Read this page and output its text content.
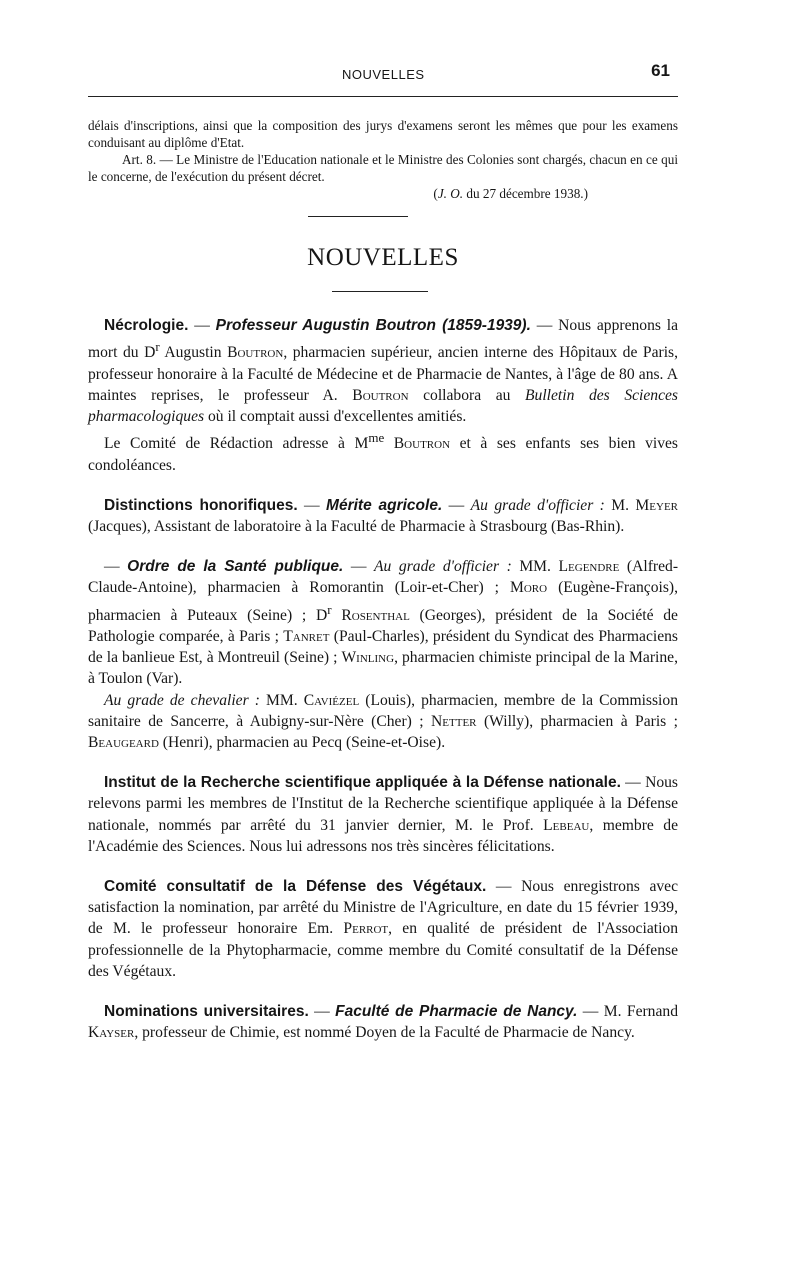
NOUVELLES	61

délais d'inscriptions, ainsi que la composition des jurys d'examens seront les mêmes que pour les examens conduisant au diplôme d'Etat.

Art. 8. — Le Ministre de l'Education nationale et le Ministre des Colonies sont chargés, chacun en ce qui le concerne, de l'exécution du présent décret.

(J. O. du 27 décembre 1938.)

NOUVELLES

Nécrologie. — Professeur Augustin Boutron (1859-1939). — Nous apprenons la mort du $D^r$ Augustin Boutron, pharmacien supérieur, ancien interne des Hôpitaux de Paris, professeur honoraire à la Faculté de Médecine et de Pharmacie de Nantes, à l'âge de 80 ans. A maintes reprises, le professeur A. Boutron collabora au Bulletin des Sciences pharmacologiques où il comptait aussi d'excellentes amitiés.

Le Comité de Rédaction adresse à $M^{me}$ Boutron et à ses enfants ses bien vives condoléances.

Distinctions honorifiques. — Mérite agricole. — Au grade d'officier : M. Meyer (Jacques), Assistant de laboratoire à la Faculté de Pharmacie à Strasbourg (Bas-Rhin).

— Ordre de la Santé publique. — Au grade d'officier : MM. Legendre (Alfred-Claude-Antoine), pharmacien à Romorantin (Loir-et-Cher) ; Moro (Eugène-François), pharmacien à Puteaux (Seine) ; $D^r$ Rosenthal (Georges), président de la Société de Pathologie comparée, à Paris ; Tanret (Paul-Charles), président du Syndicat des Pharmaciens de la banlieue Est, à Montreuil (Seine) ; Winling, pharmacien chimiste principal de la Marine, à Toulon (Var).

Au grade de chevalier : MM. Caviézel (Louis), pharmacien, membre de la Commission sanitaire de Sancerre, à Aubigny-sur-Nère (Cher) ; Netter (Willy), pharmacien à Paris ; Beaugeard (Henri), pharmacien au Pecq (Seine-et-Oise).

Institut de la Recherche scientifique appliquée à la Défense nationale. — Nous relevons parmi les membres de l'Institut de la Recherche scientifique appliquée à la Défense nationale, nommés par arrêté du 31 janvier dernier, M. le Prof. Lebeau, membre de l'Académie des Sciences. Nous lui adressons nos très sincères félicitations.

Comité consultatif de la Défense des Végétaux. — Nous enregistrons avec satisfaction la nomination, par arrêté du Ministre de l'Agriculture, en date du 15 février 1939, de M. le professeur honoraire Em. Perrot, en qualité de président de l'Association professionnelle de la Phytopharmacie, comme membre du Comité consultatif de la Défense des Végétaux.

Nominations universitaires. — Faculté de Pharmacie de Nancy. — M. Fernand Kayser, professeur de Chimie, est nommé Doyen de la Faculté de Pharmacie de Nancy.
